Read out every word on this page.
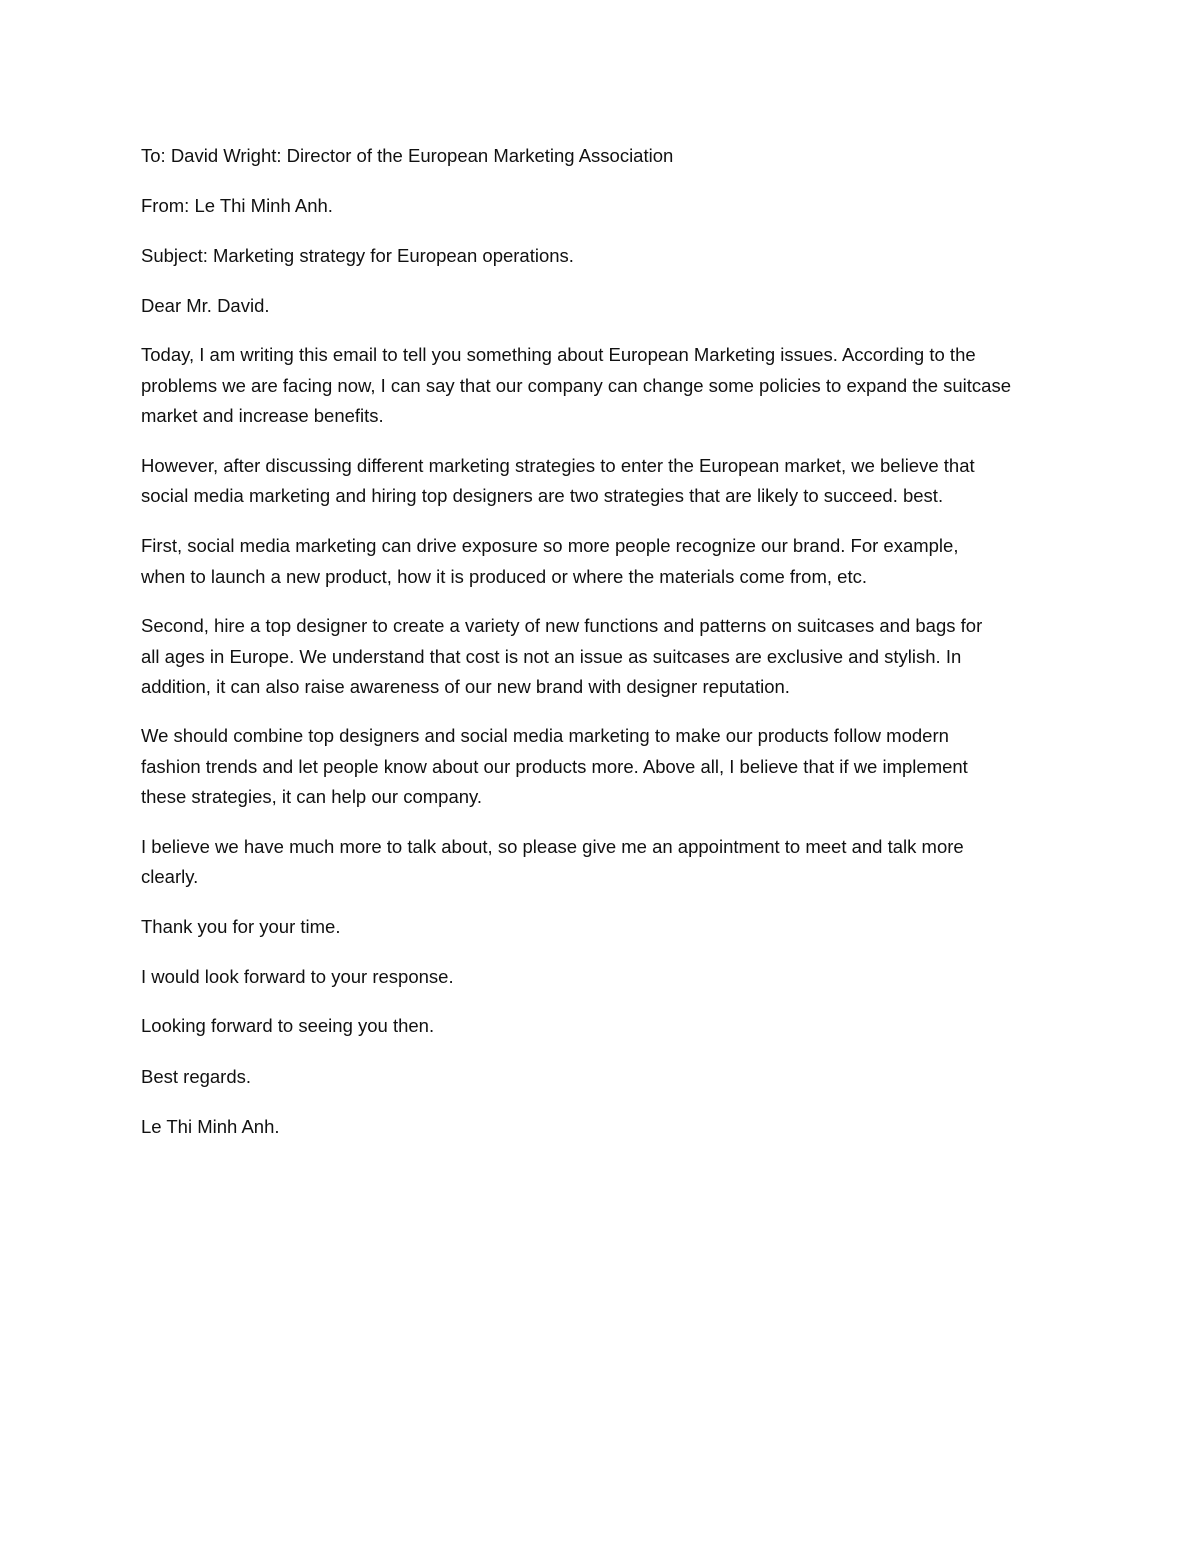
To: David Wright: Director of the European Marketing Association

From: Le Thi Minh Anh.

Subject: Marketing strategy for European operations.

Dear Mr. David.

Today, I am writing this email to tell you something about European Marketing issues. According to the

problems we are facing now, I can say that our company can change some policies to expand the suitcase

market and increase benefits.

However, after discussing different marketing strategies to enter the European market, we believe that

social media marketing and hiring top designers are two strategies that are likely to succeed. best.

First, social media marketing can drive exposure so more people recognize our brand. For example,

when to launch a new product, how it is produced or where the materials come from, etc.

Second, hire a top designer to create a variety of new functions and patterns on suitcases and bags for

all ages in Europe. We understand that cost is not an issue as suitcases are exclusive and stylish. In

addition, it can also raise awareness of our new brand with designer reputation.

We should combine top designers and social media marketing to make our products follow modern

fashion trends and let people know about our products more. Above all, I believe that if we implement

these strategies, it can help our company.

I believe we have much more to talk about, so please give me an appointment to meet and talk more

clearly.

Thank you for your time.

I would look forward to your response.

Looking forward to seeing you then.

Best regards.

Le Thi Minh Anh.
